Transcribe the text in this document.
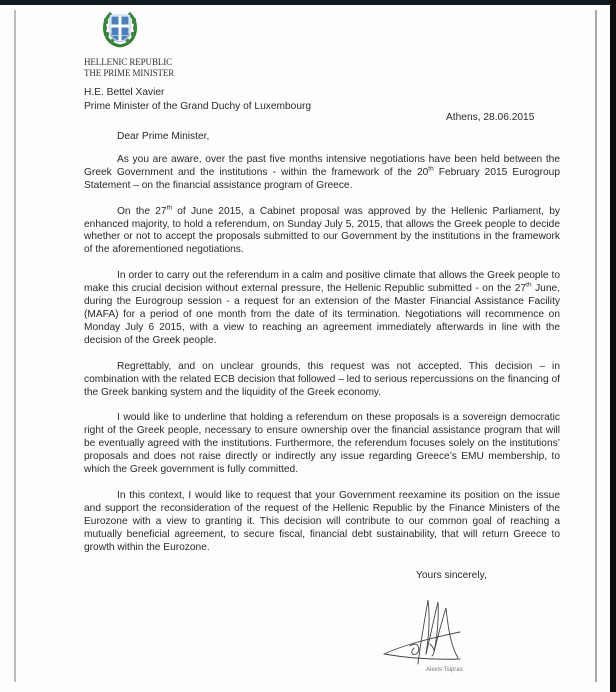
HELLENIC REPUBLIC
THE PRIME MINISTER
H.E. Bettel Xavier
Prime Minister of the Grand Duchy of Luxembourg
Athens, 28.06.2015
Dear Prime Minister,

As you are aware, over the past five months intensive negotiations have been held between the Greek Government and the institutions - within the framework of the 20th February 2015 Eurogroup Statement – on the financial assistance program of Greece.

On the 27th of June 2015, a Cabinet proposal was approved by the Hellenic Parliament, by enhanced majority, to hold a referendum, on Sunday July 5, 2015, that allows the Greek people to decide whether or not to accept the proposals submitted to our Government by the institutions in the framework of the aforementioned negotiations.

In order to carry out the referendum in a calm and positive climate that allows the Greek people to make this crucial decision without external pressure, the Hellenic Republic submitted - on the 27th June, during the Eurogroup session - a request for an extension of the Master Financial Assistance Facility (MAFA) for a period of one month from the date of its termination. Negotiations will recommence on Monday July 6 2015, with a view to reaching an agreement immediately afterwards in line with the decision of the Greek people.

Regrettably, and on unclear grounds, this request was not accepted. This decision – in combination with the related ECB decision that followed – led to serious repercussions on the financing of the Greek banking system and the liquidity of the Greek economy.

I would like to underline that holding a referendum on these proposals is a sovereign democratic right of the Greek people, necessary to ensure ownership over the financial assistance program that will be eventually agreed with the institutions. Furthermore, the referendum focuses solely on the institutions’ proposals and does not raise directly or indirectly any issue regarding Greece’s EMU membership, to which the Greek government is fully committed.

In this context, I would like to request that your Government reexamine its position on the issue and support the reconsideration of the request of the Hellenic Republic by the Finance Ministers of the Eurozone with a view to granting it. This decision will contribute to our common goal of reaching a mutually beneficial agreement, to secure fiscal, financial debt sustainability, that will return Greece to growth within the Eurozone.

Yours sincerely,
Alexis Tsipras
